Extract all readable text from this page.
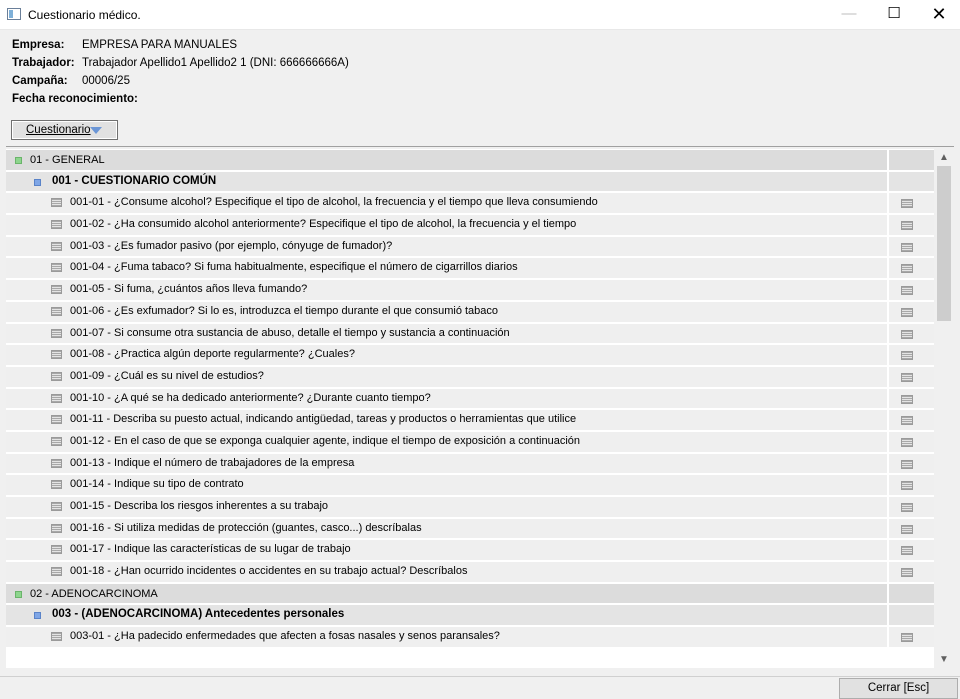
Cuestionario médico.	—	☐	✕
Empresa: EMPRESA PARA MANUALES
Trabajador: Trabajador Apellido1 Apellido2 1 (DNI: 666666666A)
Campaña: 00006/25
Fecha reconocimiento:
Cuestionario
01 - GENERAL
001 - CUESTIONARIO COMÚN
001-01 - ¿Consume alcohol? Especifique el tipo de alcohol, la frecuencia y el tiempo que lleva consumiendo
001-02 - ¿Ha consumido alcohol anteriormente? Especifique el tipo de alcohol, la frecuencia y el tiempo
001-03 - ¿Es fumador pasivo (por ejemplo, cónyuge de fumador)?
001-04 - ¿Fuma tabaco? Si fuma habitualmente, especifique el número de cigarrillos diarios
001-05 - Si fuma, ¿cuántos años lleva fumando?
001-06 - ¿Es exfumador? Si lo es, introduzca el tiempo durante el que consumió tabaco
001-07 - Si consume otra sustancia de abuso, detalle el tiempo y sustancia a continuación
001-08 - ¿Practica algún deporte regularmente? ¿Cuales?
001-09 - ¿Cuál es su nivel de estudios?
001-10 - ¿A qué se ha dedicado anteriormente? ¿Durante cuanto tiempo?
001-11 - Describa su puesto actual, indicando antigüedad, tareas y productos o herramientas que utilice
001-12 - En el caso de que se exponga cualquier agente, indique el tiempo de exposición a continuación
001-13 - Indique el número de trabajadores de la empresa
001-14 - Indique su tipo de contrato
001-15 - Describa los riesgos inherentes a su trabajo
001-16 - Si utiliza medidas de protección (guantes, casco...) descríbalas
001-17 - Indique las características de su lugar de trabajo
001-18 - ¿Han ocurrido incidentes o accidentes en su trabajo actual? Descríbalos
02 - ADENOCARCINOMA
003 - (ADENOCARCINOMA) Antecedentes personales
003-01 - ¿Ha padecido enfermedades que afecten a fosas nasales y senos paransales?
▲
▼
Cerrar [Esc]
